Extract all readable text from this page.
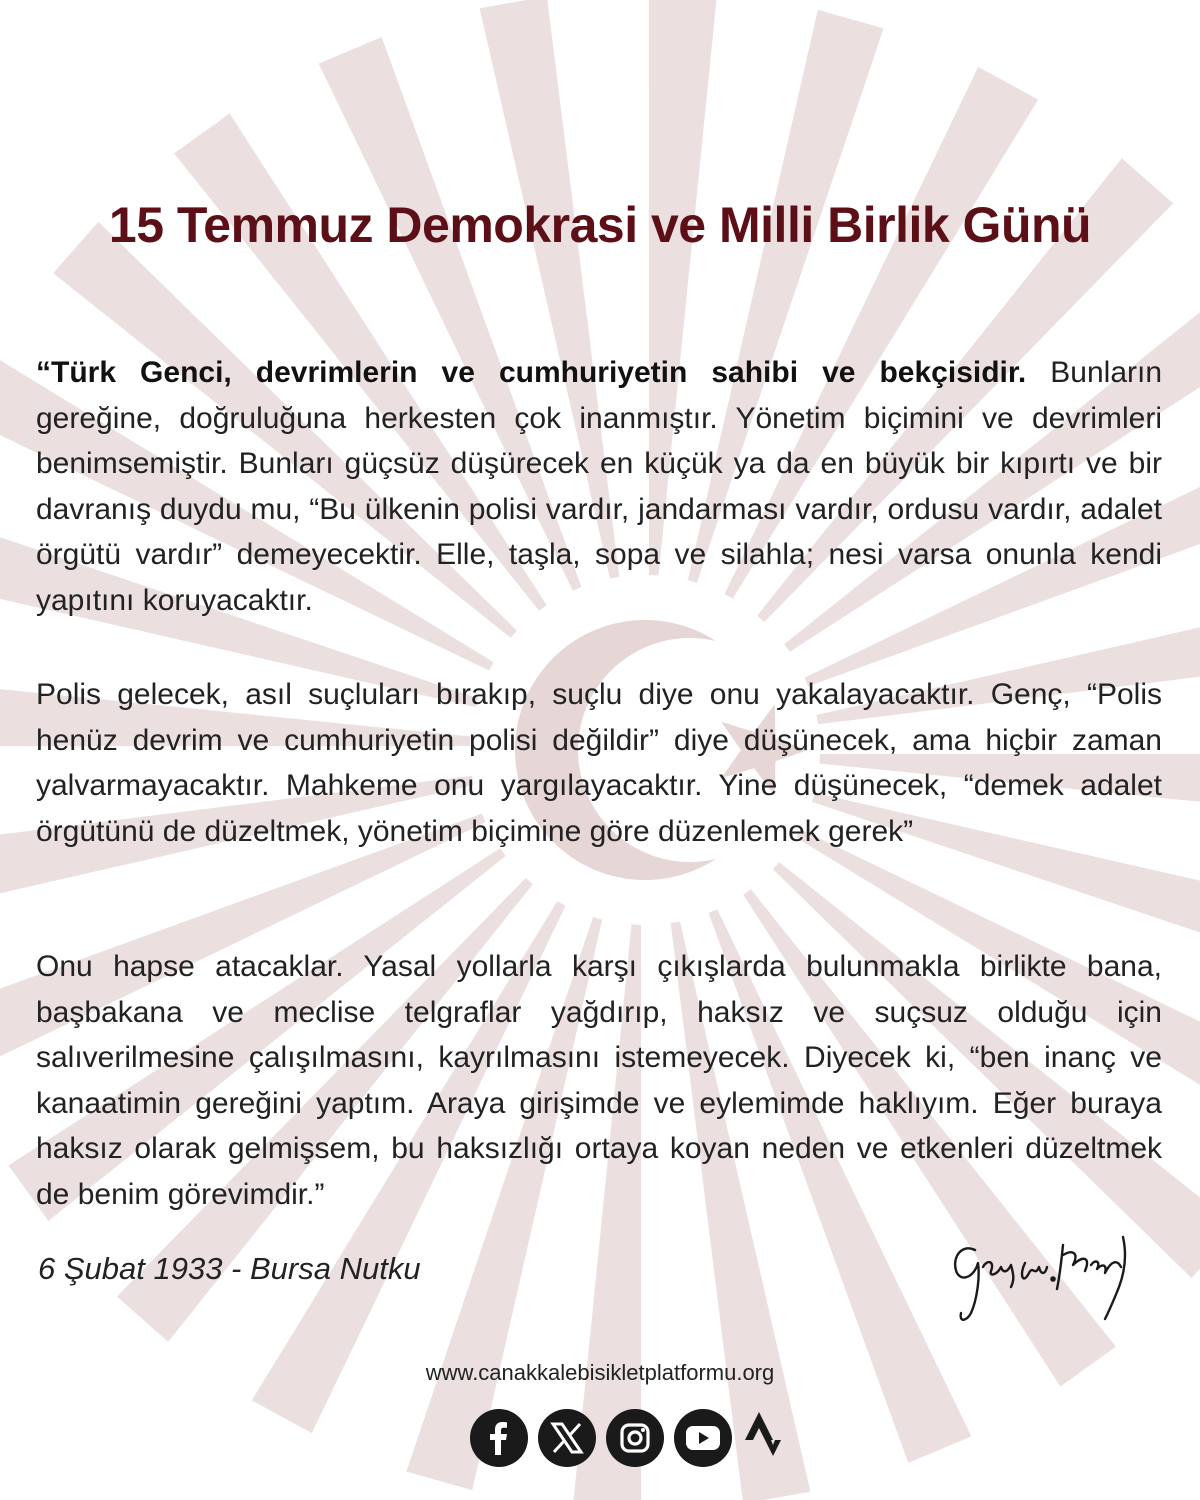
15 Temmuz Demokrasi ve Milli Birlik Günü

“Türk Genci, devrimlerin ve cumhuriyetin sahibi ve bekçisidir. Bunların gereğine, doğruluğuna herkesten çok inanmıştır. Yönetim biçimini ve devrimleri benimsemiştir. Bunları güçsüz düşürecek en küçük ya da en büyük bir kıpırtı ve bir davranış duydu mu, “Bu ülkenin polisi vardır, jandarması vardır, ordusu vardır, adalet örgütü vardır” demeyecektir. Elle, taşla, sopa ve silahla; nesi varsa onunla kendi yapıtını koruyacaktır.

Polis gelecek, asıl suçluları bırakıp, suçlu diye onu yakalayacaktır. Genç, “Polis henüz devrim ve cumhuriyetin polisi değildir” diye düşünecek, ama hiçbir zaman yalvarmayacaktır. Mahkeme onu yargılayacaktır. Yine düşünecek, “demek adalet örgütünü de düzeltmek, yönetim biçimine göre düzenlemek gerek”

Onu hapse atacaklar. Yasal yollarla karşı çıkışlarda bulunmakla birlikte bana, başbakana ve meclise telgraflar yağdırıp, haksız ve suçsuz olduğu için salıverilmesine çalışılmasını, kayrılmasını istemeyecek. Diyecek ki, “ben inanç ve kanaatimin gereğini yaptım. Araya girişimde ve eylemimde haklıyım. Eğer buraya haksız olarak gelmişsem, bu haksızlığı ortaya koyan neden ve etkenleri düzeltmek de benim görevimdir.”

6 Şubat 1933 - Bursa Nutku
www.canakkalebisikletplatformu.org
